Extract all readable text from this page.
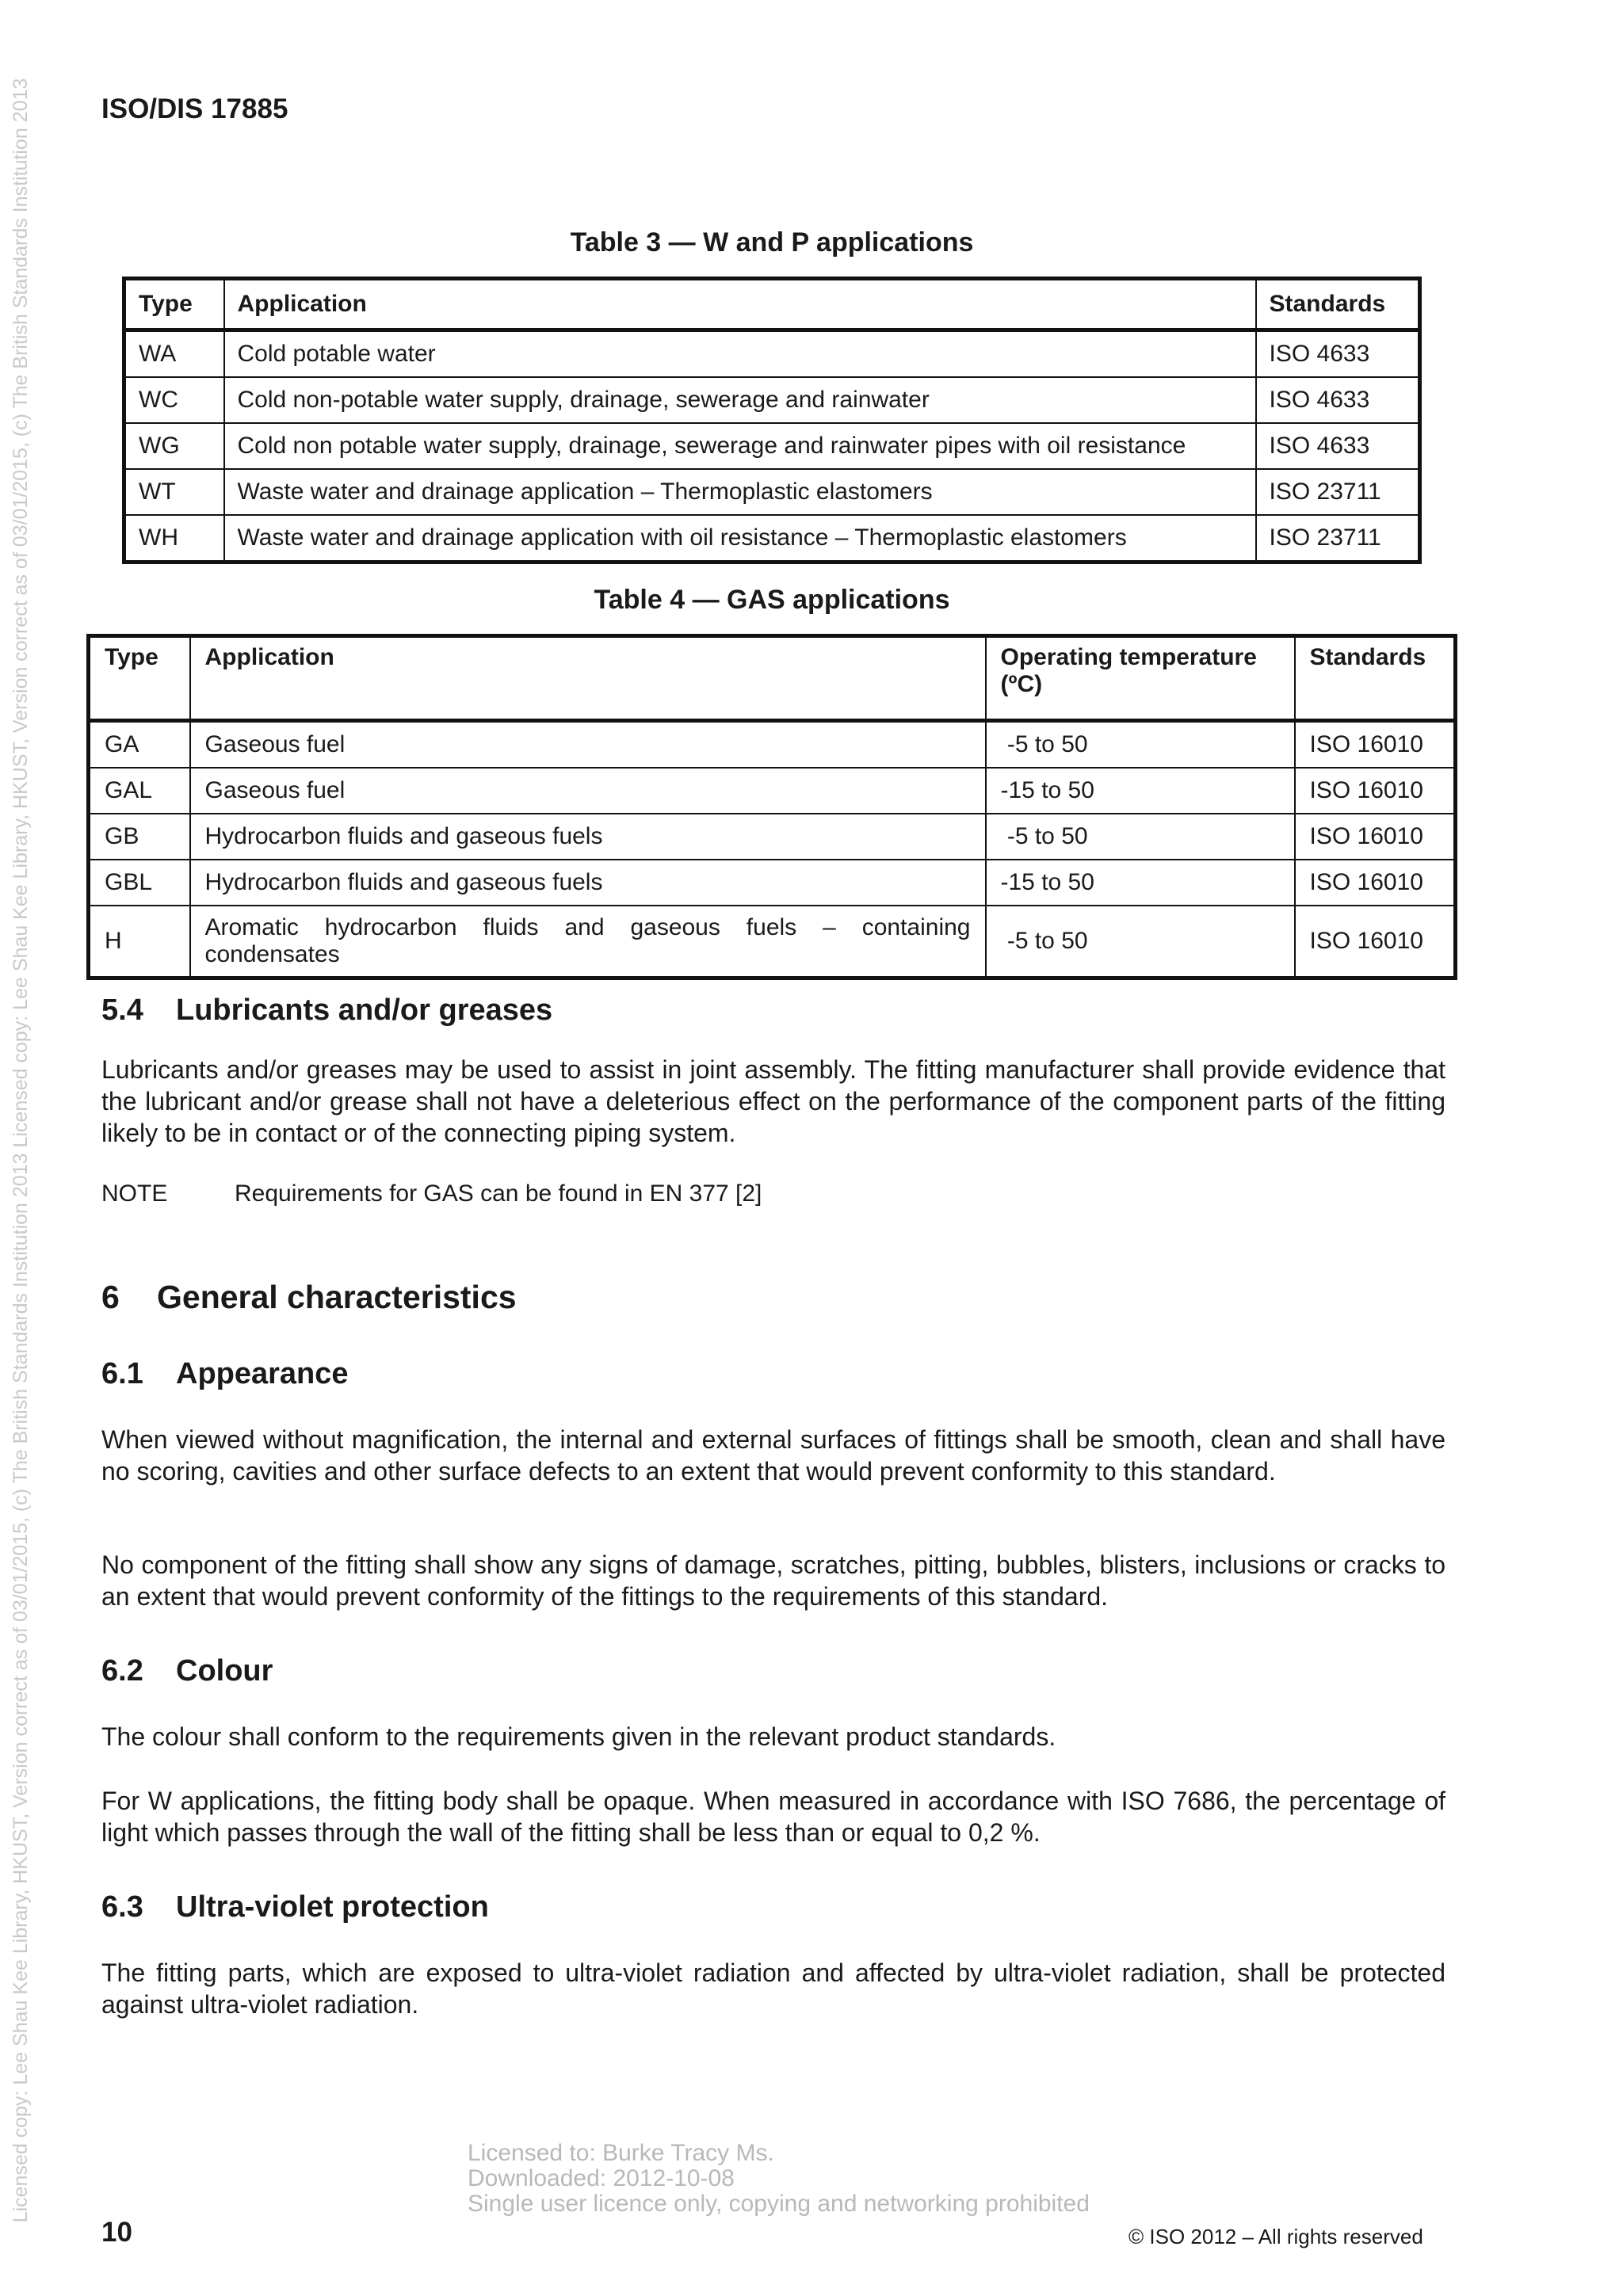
Licensed copy: Lee Shau Kee Library, HKUST, Version correct as of 03/01/2015, (c) The British Standards Institution 2013 Licensed copy: Lee Shau Kee Library, HKUST, Version correct as of 03/01/2015, (c) The British Standards Institution 2013	ISO/DIS 17885
Table 3 — W and P applications
Type	Application	Standards
WA	Cold potable water	ISO 4633
WC	Cold non-potable water supply, drainage, sewerage and rainwater	ISO 4633
WG	Cold non potable water supply, drainage, sewerage and rainwater pipes with oil resistance	ISO 4633
WT	Waste water and drainage application – Thermoplastic elastomers	ISO 23711
WH	Waste water and drainage application with oil resistance – Thermoplastic elastomers	ISO 23711
Table 4 — GAS applications
Type	Application	Operating temperature (ºC)	Standards
GA	Gaseous fuel	-5 to 50	ISO 16010
GAL	Gaseous fuel	-15 to 50	ISO 16010
GB	Hydrocarbon fluids and gaseous fuels	-5 to 50	ISO 16010
GBL	Hydrocarbon fluids and gaseous fuels	-15 to 50	ISO 16010
H	Aromatic hydrocarbon fluids and gaseous fuels – containing condensates	-5 to 50	ISO 16010
5.4 Lubricants and/or greases
Lubricants and/or greases may be used to assist in joint assembly. The fitting manufacturer shall provide evidence that the lubricant and/or grease shall not have a deleterious effect on the performance of the component parts of the fitting likely to be in contact or of the connecting piping system.
NOTE	Requirements for GAS can be found in EN 377 [2]
6 General characteristics
6.1 Appearance
When viewed without magnification, the internal and external surfaces of fittings shall be smooth, clean and shall have no scoring, cavities and other surface defects to an extent that would prevent conformity to this standard.
No component of the fitting shall show any signs of damage, scratches, pitting, bubbles, blisters, inclusions or cracks to an extent that would prevent conformity of the fittings to the requirements of this standard.
6.2 Colour
The colour shall conform to the requirements given in the relevant product standards.
For W applications, the fitting body shall be opaque. When measured in accordance with ISO 7686, the percentage of light which passes through the wall of the fitting shall be less than or equal to 0,2 %.
6.3 Ultra-violet protection
The fitting parts, which are exposed to ultra-violet radiation and affected by ultra-violet radiation, shall be protected against ultra-violet radiation.
Licensed to: Burke Tracy Ms.
Downloaded: 2012-10-08
Single user licence only, copying and networking prohibited
10	© ISO 2012 – All rights reserved
